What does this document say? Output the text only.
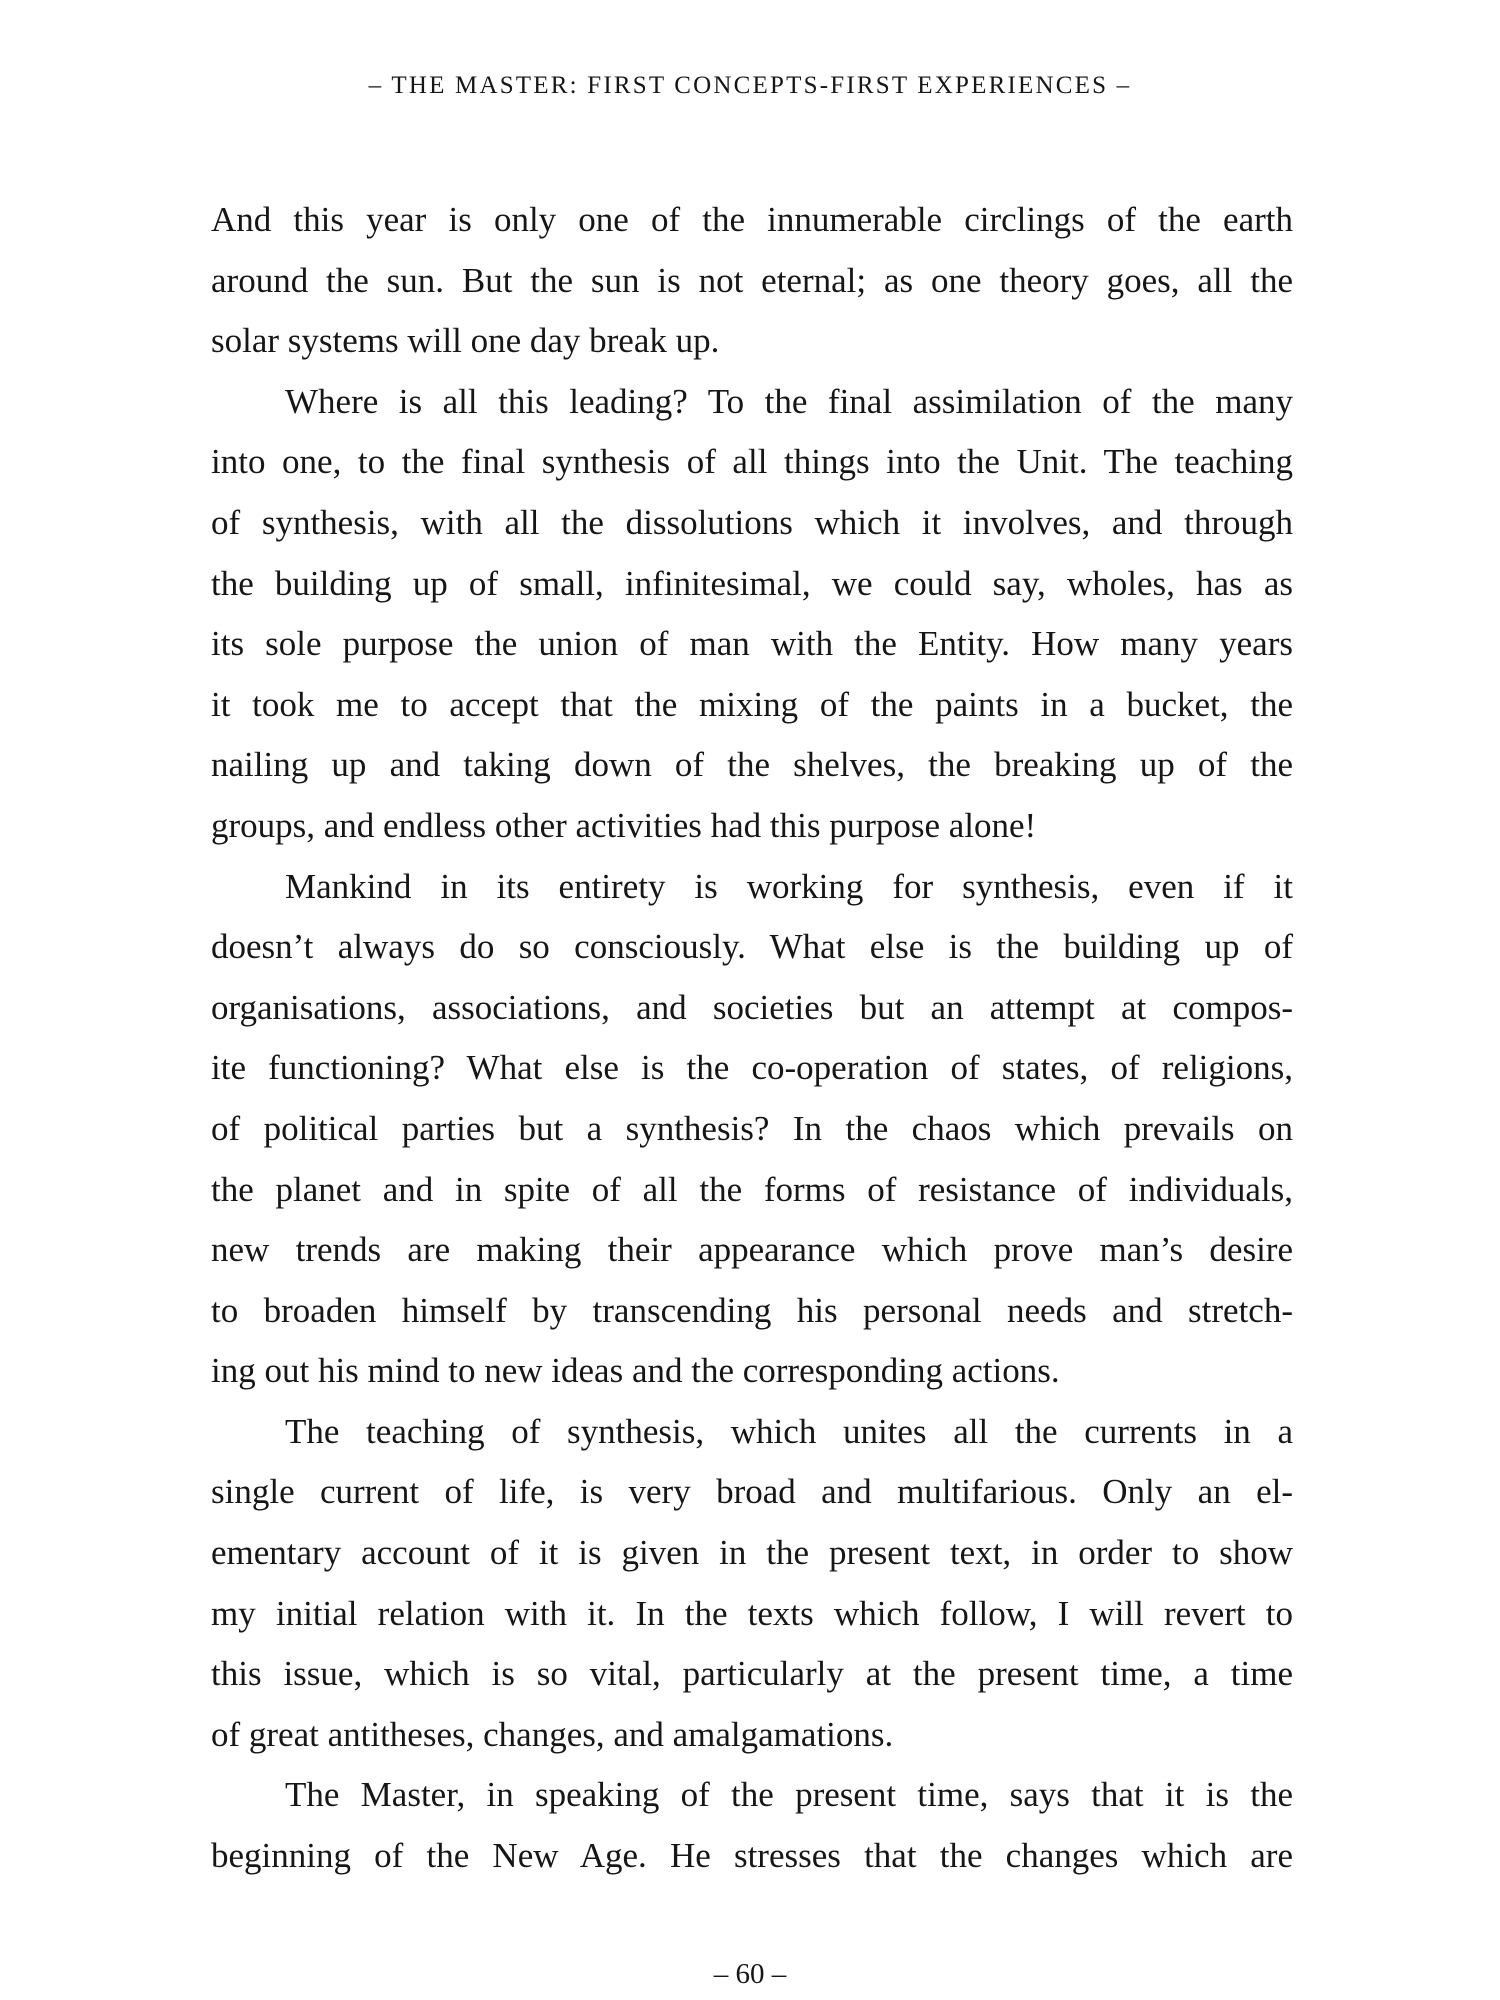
– THE MASTER: FIRST CONCEPTS-FIRST EXPERIENCES –
And this year is only one of the innumerable circlings of the earth
around the sun. But the sun is not eternal; as one theory goes, all the
solar systems will one day break up.
Where is all this leading? To the final assimilation of the many
into one, to the final synthesis of all things into the Unit. The teaching
of synthesis, with all the dissolutions which it involves, and through
the building up of small, infinitesimal, we could say, wholes, has as
its sole purpose the union of man with the Entity. How many years
it took me to accept that the mixing of the paints in a bucket, the
nailing up and taking down of the shelves, the breaking up of the
groups, and endless other activities had this purpose alone!
Mankind in its entirety is working for synthesis, even if it
doesn’t always do so consciously. What else is the building up of
organisations, associations, and societies but an attempt at compos-
ite functioning? What else is the co-operation of states, of religions,
of political parties but a synthesis? In the chaos which prevails on
the planet and in spite of all the forms of resistance of individuals,
new trends are making their appearance which prove man’s desire
to broaden himself by transcending his personal needs and stretch-
ing out his mind to new ideas and the corresponding actions.
The teaching of synthesis, which unites all the currents in a
single current of life, is very broad and multifarious. Only an el-
ementary account of it is given in the present text, in order to show
my initial relation with it. In the texts which follow, I will revert to
this issue, which is so vital, particularly at the present time, a time
of great antitheses, changes, and amalgamations.
The Master, in speaking of the present time, says that it is the
beginning of the New Age. He stresses that the changes which are
– 60 –
